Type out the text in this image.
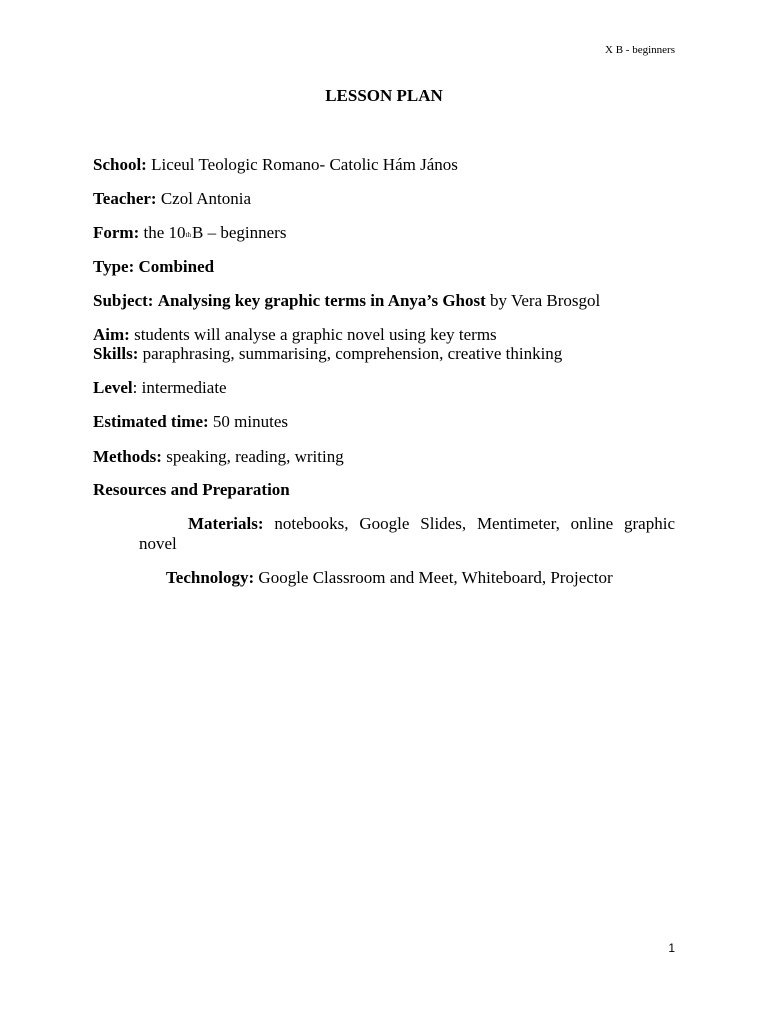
X B - beginners
LESSON PLAN
School: Liceul Teologic Romano- Catolic Hám János
Teacher: Czol Antonia
Form: the 10thB – beginners
Type: Combined
Subject: Analysing key graphic terms in Anya’s Ghost by Vera Brosgol
Aim: students will analyse a graphic novel using key terms
Skills: paraphrasing, summarising, comprehension, creative thinking
Level: intermediate
Estimated time: 50 minutes
Methods: speaking, reading, writing
Resources and Preparation
Materials: notebooks, Google Slides, Mentimeter, online graphic novel
Technology: Google Classroom and Meet, Whiteboard, Projector
1
